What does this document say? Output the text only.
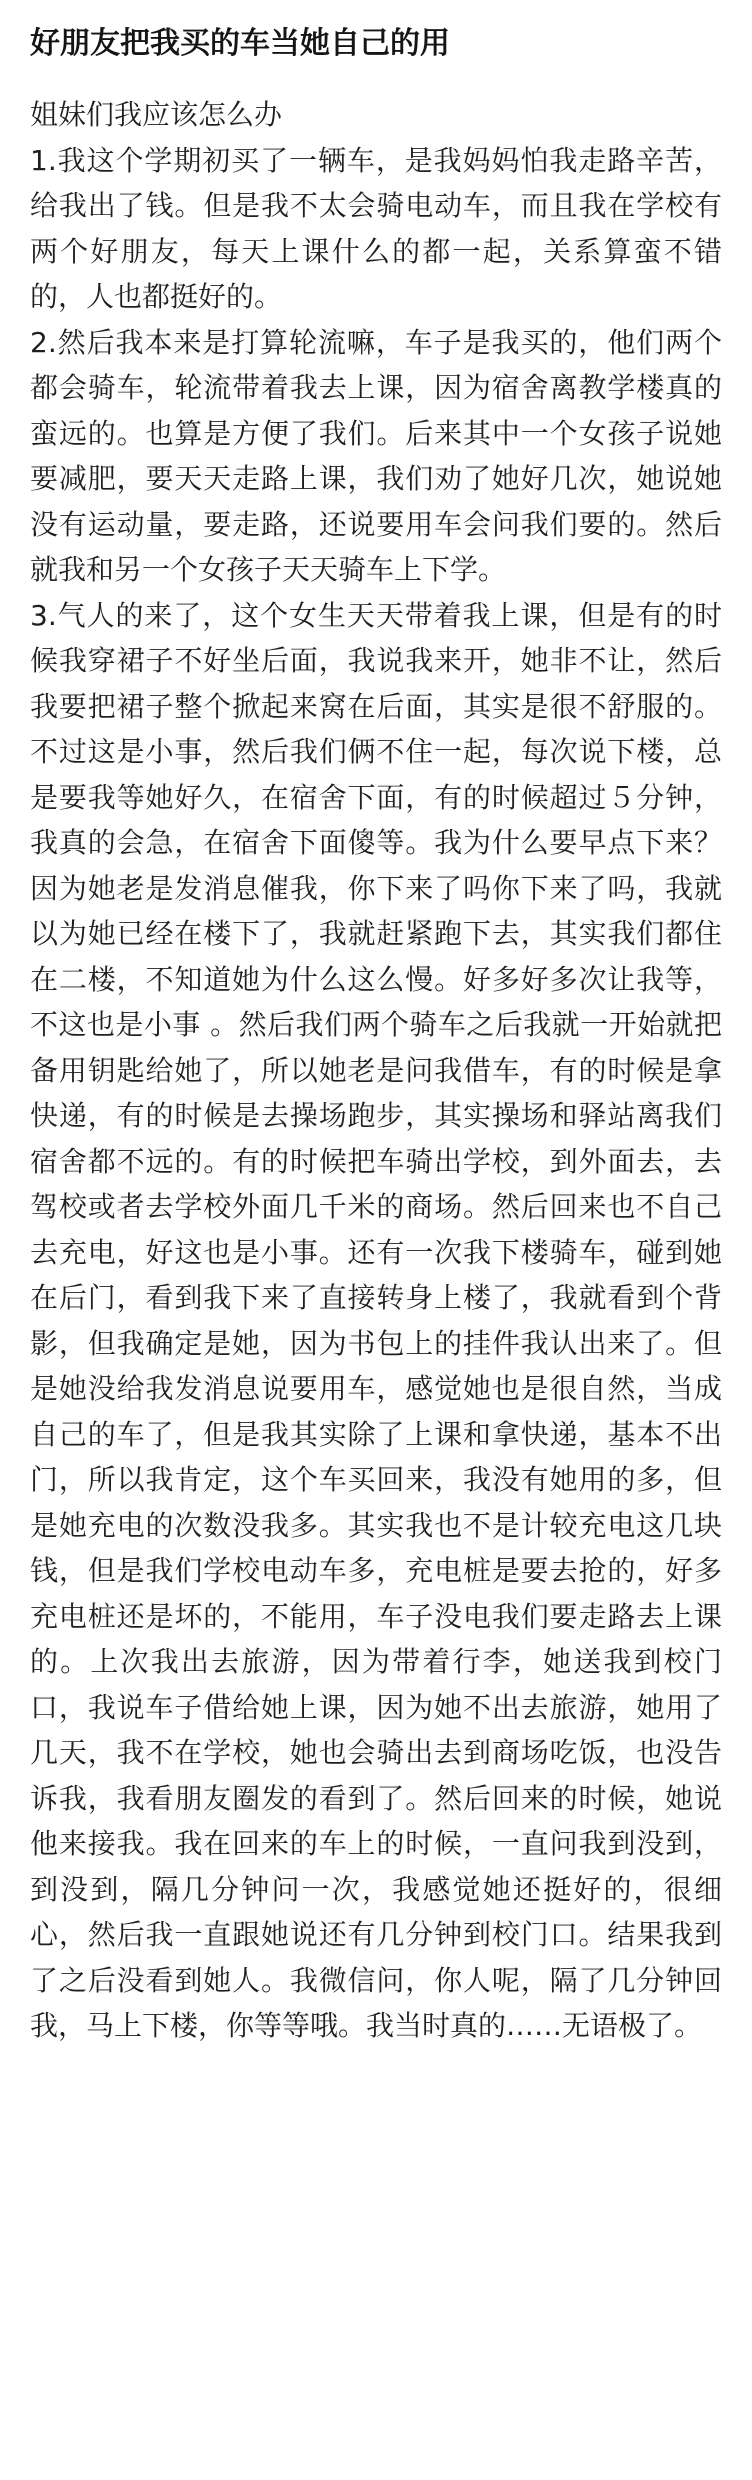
好朋友把我买的车当她自己的用

姐妹们我应该怎么办

1.我这个学期初买了一辆车，是我妈妈怕我走路辛苦，给我出了钱。但是我不太会骑电动车，而且我在学校有两个好朋友，每天上课什么的都一起，关系算蛮不错的，人也都挺好的。

2.然后我本来是打算轮流嘛，车子是我买的，他们两个都会骑车，轮流带着我去上课，因为宿舍离教学楼真的蛮远的。也算是方便了我们。后来其中一个女孩子说她要减肥，要天天走路上课，我们劝了她好几次，她说她没有运动量，要走路，还说要用车会问我们要的。然后就我和另一个女孩子天天骑车上下学。

3.气人的来了，这个女生天天带着我上课，但是有的时候我穿裙子不好坐后面，我说我来开，她非不让，然后我要把裙子整个掀起来窝在后面，其实是很不舒服的。不过这是小事，然后我们俩不住一起，每次说下楼，总是要我等她好久，在宿舍下面，有的时候超过５分钟，我真的会急，在宿舍下面傻等。我为什么要早点下来？因为她老是发消息催我，你下来了吗你下来了吗，我就以为她已经在楼下了，我就赶紧跑下去，其实我们都住在二楼，不知道她为什么这么慢。好多好多次让我等，不这也是小事 。然后我们两个骑车之后我就一开始就把备用钥匙给她了，所以她老是问我借车，有的时候是拿快递，有的时候是去操场跑步，其实操场和驿站离我们宿舍都不远的。有的时候把车骑出学校，到外面去，去驾校或者去学校外面几千米的商场。然后回来也不自己去充电，好这也是小事。还有一次我下楼骑车，碰到她在后门，看到我下来了直接转身上楼了，我就看到个背影，但我确定是她，因为书包上的挂件我认出来了。但是她没给我发消息说要用车，感觉她也是很自然，当成自己的车了，但是我其实除了上课和拿快递，基本不出门，所以我肯定，这个车买回来，我没有她用的多，但是她充电的次数没我多。其实我也不是计较充电这几块钱，但是我们学校电动车多，充电桩是要去抢的，好多充电桩还是坏的，不能用，车子没电我们要走路去上课的。上次我出去旅游，因为带着行李，她送我到校门口，我说车子借给她上课，因为她不出去旅游，她用了几天，我不在学校，她也会骑出去到商场吃饭，也没告诉我，我看朋友圈发的看到了。然后回来的时候，她说他来接我。我在回来的车上的时候，一直问我到没到，到没到，隔几分钟问一次，我感觉她还挺好的，很细心，然后我一直跟她说还有几分钟到校门口。结果我到了之后没看到她人。我微信问，你人呢，隔了几分钟回我，马上下楼，你等等哦。我当时真的……无语极了。
